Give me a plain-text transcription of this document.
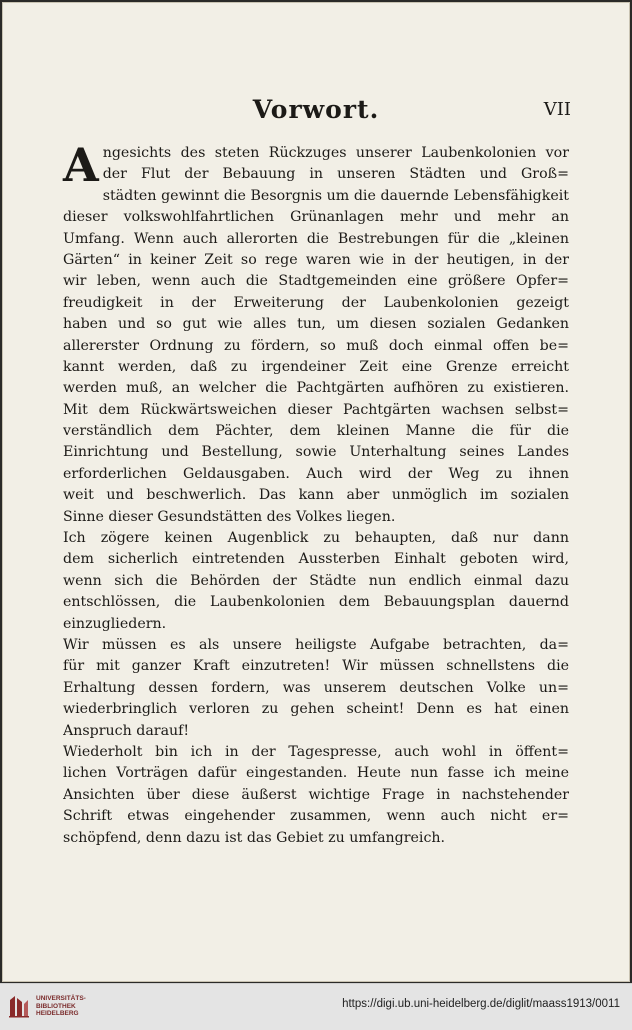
Vorwort.	VII
A ngesichts des steten Rückzuges unserer Laubenkolonien vor
der Flut der Bebauung in unseren Städten und Groß=
städten gewinnt die Besorgnis um die dauernde Lebensfähigkeit
dieser volkswohlfahrtlichen Grünanlagen mehr und mehr an
Umfang. Wenn auch allerorten die Bestrebungen für die „kleinen
Gärten“ in keiner Zeit so rege waren wie in der heutigen, in der
wir leben, wenn auch die Stadtgemeinden eine größere Opfer=
freudigkeit in der Erweiterung der Laubenkolonien gezeigt
haben und so gut wie alles tun, um diesen sozialen Gedanken
allererster Ordnung zu fördern, so muß doch einmal offen be=
kannt werden, daß zu irgendeiner Zeit eine Grenze erreicht
werden muß, an welcher die Pachtgärten aufhören zu existieren.
Mit dem Rückwärtsweichen dieser Pachtgärten wachsen selbst=
verständlich dem Pächter, dem kleinen Manne die für die
Einrichtung und Bestellung, sowie Unterhaltung seines Landes
erforderlichen Geldausgaben. Auch wird der Weg zu ihnen
weit und beschwerlich. Das kann aber unmöglich im sozialen
Sinne dieser Gesundstätten des Volkes liegen.
Ich zögere keinen Augenblick zu behaupten, daß nur dann
dem sicherlich eintretenden Aussterben Einhalt geboten wird,
wenn sich die Behörden der Städte nun endlich einmal dazu
entschlössen, die Laubenkolonien dem Bebauungsplan dauernd
einzugliedern.
Wir müssen es als unsere heiligste Aufgabe betrachten, da=
für mit ganzer Kraft einzutreten! Wir müssen schnellstens die
Erhaltung dessen fordern, was unserem deutschen Volke un=
wiederbringlich verloren zu gehen scheint! Denn es hat einen
Anspruch darauf!
Wiederholt bin ich in der Tagespresse, auch wohl in öffent=
lichen Vorträgen dafür eingestanden. Heute nun fasse ich meine
Ansichten über diese äußerst wichtige Frage in nachstehender
Schrift etwas eingehender zusammen, wenn auch nicht er=
schöpfend, denn dazu ist das Gebiet zu umfangreich.
UNIVERSITÄTS-
BIBLIOTHEK
HEIDELBERG
https://digi.ub.uni-heidelberg.de/diglit/maass1913/0011
